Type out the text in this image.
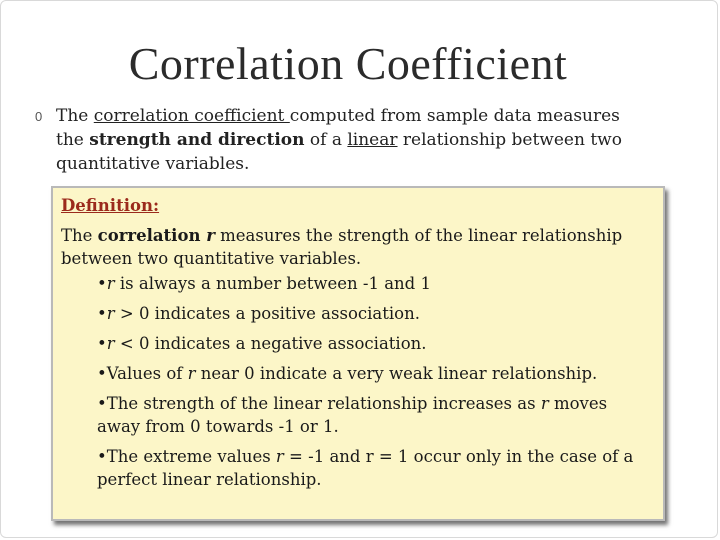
Correlation Coefficient
0 The correlation coefficient computed from sample data measures the strength and direction of a linear relationship between two quantitative variables.
Definition:
The correlation r measures the strength of the linear relationship between two quantitative variables.
•r is always a number between -1 and 1
•r > 0 indicates a positive association.
•r < 0 indicates a negative association.
•Values of r near 0 indicate a very weak linear relationship.
•The strength of the linear relationship increases as r moves away from 0 towards -1 or 1.
•The extreme values r = -1 and r = 1 occur only in the case of a perfect linear relationship.
